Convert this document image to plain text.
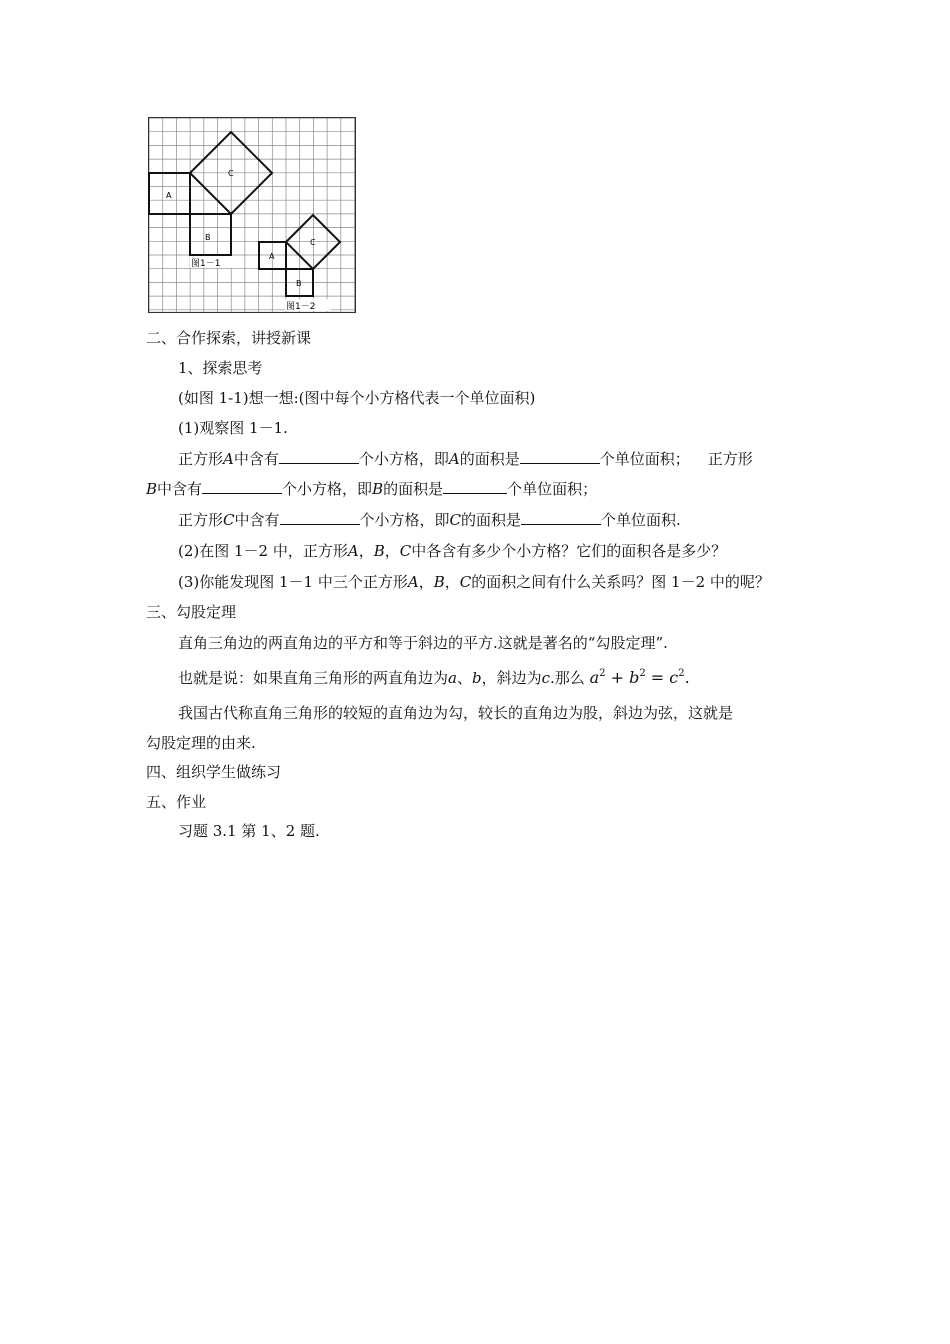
A
B
C
图1－1
A
B
C
图1－2
二、合作探索，讲授新课
1、探索思考
(如图 1-1)想一想:(图中每个小方格代表一个单位面积)
(1)观察图 1－1.
正方形A中含有	个小方格，即A的面积是	个单位面积； 正方形
B中含有	个小方格，即B的面积是	个单位面积；
正方形C中含有	个小方格，即C的面积是	个单位面积.
(2)在图 1－2 中，正方形A，B，C中各含有多少个小方格？它们的面积各是多少？
(3)你能发现图 1－1 中三个正方形A，B，C的面积之间有什么关系吗？图 1－2 中的呢？
三、勾股定理
直角三角边的两直角边的平方和等于斜边的平方.这就是著名的“勾股定理”.
也就是说：如果直角三角形的两直角边为a、b，斜边为c.那么 $a^2 + b^2 = c^2$.
我国古代称直角三角形的较短的直角边为勾，较长的直角边为股，斜边为弦，这就是
勾股定理的由来.
四、组织学生做练习
五、作业
习题 3.1 第 1、2 题.
